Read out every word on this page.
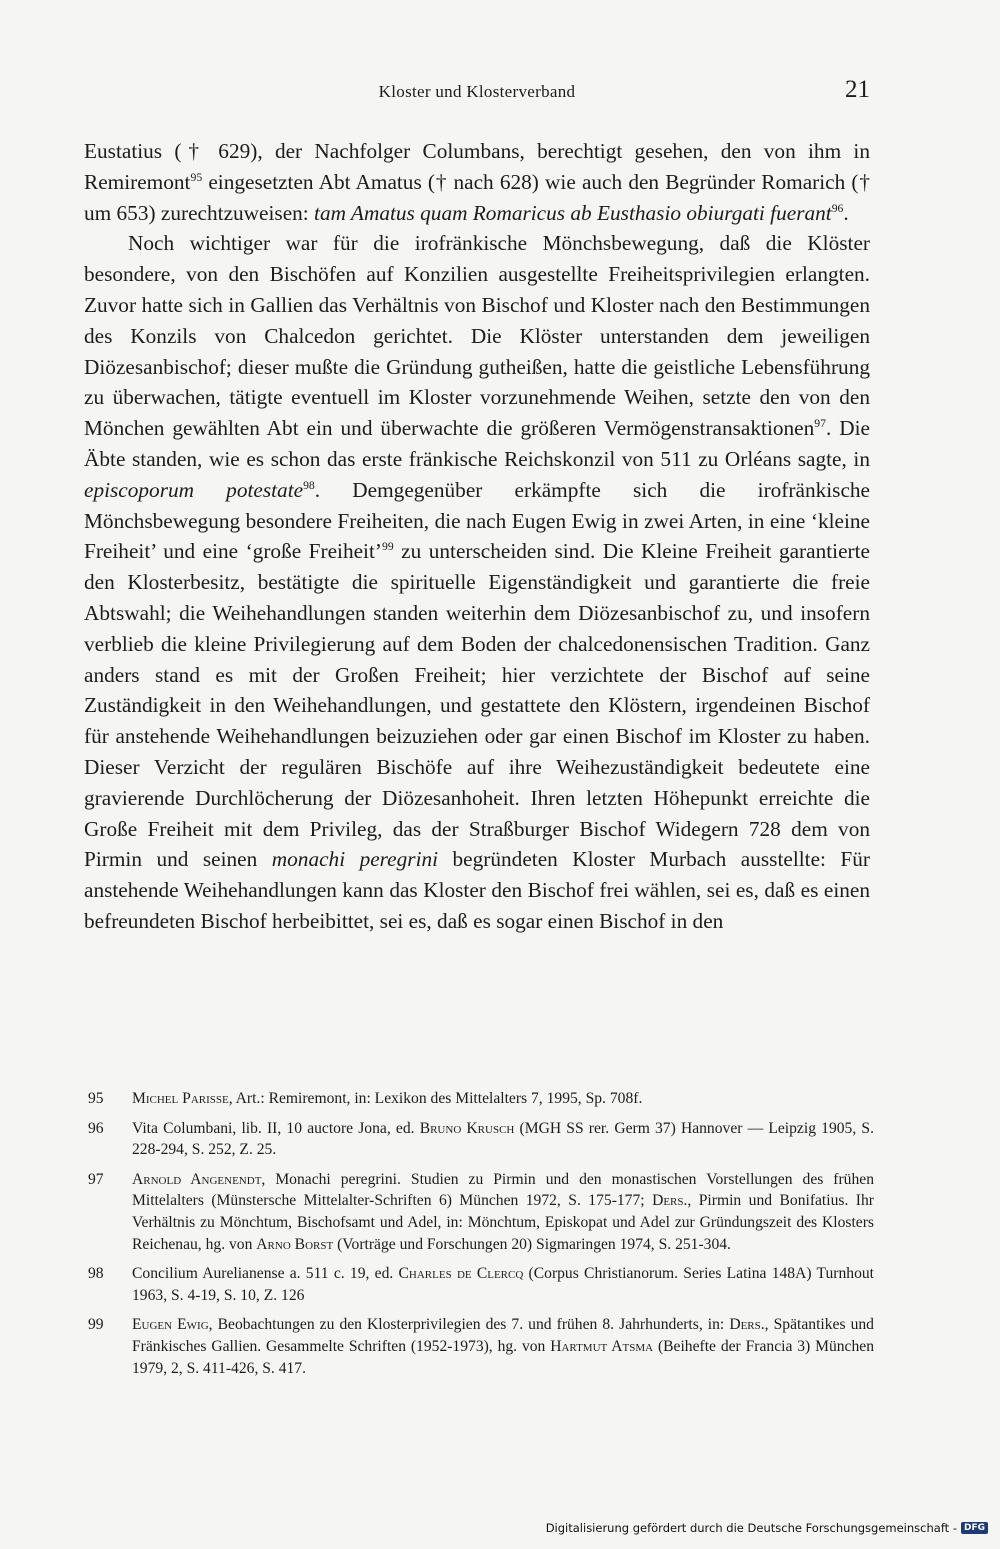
Kloster und Klosterverband	21

Eustatius († 629), der Nachfolger Columbans, berechtigt gesehen, den von ihm in Remiremont$^{95}$ eingesetzten Abt Amatus († nach 628) wie auch den Begründer Romarich († um 653) zurechtzuweisen: tam Amatus quam Romaricus ab Eusthasio obiurgati fuerant$^{96}$.

Noch wichtiger war für die irofränkische Mönchsbewegung, daß die Klöster besondere, von den Bischöfen auf Konzilien ausgestellte Freiheitsprivilegien erlangten. Zuvor hatte sich in Gallien das Verhältnis von Bischof und Kloster nach den Bestimmungen des Konzils von Chalcedon gerichtet. Die Klöster unterstanden dem jeweiligen Diözesanbischof; dieser mußte die Gründung gutheißen, hatte die geistliche Lebensführung zu überwachen, tätigte eventuell im Kloster vorzunehmende Weihen, setzte den von den Mönchen gewählten Abt ein und überwachte die größeren Vermögenstransaktionen$^{97}$. Die Äbte standen, wie es schon das erste fränkische Reichskonzil von 511 zu Orléans sagte, in episcoporum potestate$^{98}$. Demgegenüber erkämpfte sich die irofränkische Mönchsbewegung besondere Freiheiten, die nach Eugen Ewig in zwei Arten, in eine ‘kleine Freiheit’ und eine ‘große Freiheit’$^{99}$ zu unterscheiden sind. Die Kleine Freiheit garantierte den Klosterbesitz, bestätigte die spirituelle Eigenständigkeit und garantierte die freie Abtswahl; die Weihehandlungen standen weiterhin dem Diözesanbischof zu, und insofern verblieb die kleine Privilegierung auf dem Boden der chalcedonensischen Tradition. Ganz anders stand es mit der Großen Freiheit; hier verzichtete der Bischof auf seine Zuständigkeit in den Weihehandlungen, und gestattete den Klöstern, irgendeinen Bischof für anstehende Weihehandlungen beizuziehen oder gar einen Bischof im Kloster zu haben. Dieser Verzicht der regulären Bischöfe auf ihre Weihezuständigkeit bedeutete eine gravierende Durchlöcherung der Diözesanhoheit. Ihren letzten Höhepunkt erreichte die Große Freiheit mit dem Privileg, das der Straßburger Bischof Widegern 728 dem von Pirmin und seinen monachi peregrini begründeten Kloster Murbach ausstellte: Für anstehende Weihehandlungen kann das Kloster den Bischof frei wählen, sei es, daß es einen befreundeten Bischof herbeibittet, sei es, daß es sogar einen Bischof in den

95 Michel Parisse, Art.: Remiremont, in: Lexikon des Mittelalters 7, 1995, Sp. 708f.
96 Vita Columbani, lib. II, 10 auctore Jona, ed. Bruno Krusch (MGH SS rer. Germ 37) Hannover — Leipzig 1905, S. 228-294, S. 252, Z. 25.
97 Arnold Angenendt, Monachi peregrini. Studien zu Pirmin und den monastischen Vorstellungen des frühen Mittelalters (Münstersche Mittelalter-Schriften 6) München 1972, S. 175-177; Ders., Pirmin und Bonifatius. Ihr Verhältnis zu Mönchtum, Bischofsamt und Adel, in: Mönchtum, Episkopat und Adel zur Gründungszeit des Klosters Reichenau, hg. von Arno Borst (Vorträge und Forschungen 20) Sigmaringen 1974, S. 251-304.
98 Concilium Aurelianense a. 511 c. 19, ed. Charles de Clercq (Corpus Christianorum. Series Latina 148A) Turnhout 1963, S. 4-19, S. 10, Z. 126
99 Eugen Ewig, Beobachtungen zu den Klosterprivilegien des 7. und frühen 8. Jahrhunderts, in: Ders., Spätantikes und Fränkisches Gallien. Gesammelte Schriften (1952-1973), hg. von Hartmut Atsma (Beihefte der Francia 3) München 1979, 2, S. 411-426, S. 417.
Digitalisierung gefördert durch die Deutsche Forschungsgemeinschaft - DFG
